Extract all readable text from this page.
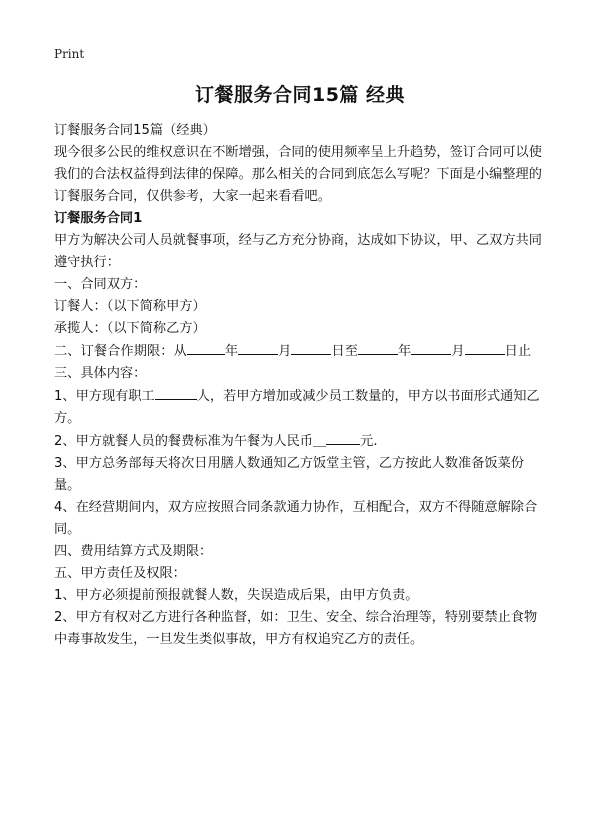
Print
订餐服务合同15篇 经典

订餐服务合同15篇（经典）

现今很多公民的维权意识在不断增强，合同的使用频率呈上升趋势，签订合同可以使我们的合法权益得到法律的保障。那么相关的合同到底怎么写呢？下面是小编整理的订餐服务合同，仅供参考，大家一起来看看吧。

订餐服务合同1

甲方为解决公司人员就餐事项，经与乙方充分协商，达成如下协议，甲、乙双方共同遵守执行：

一、合同双方：

订餐人：（以下简称甲方）

承揽人：（以下简称乙方）

二、订餐合作期限：从	年	月	日至	年	月	日止

三、具体内容：

1、甲方现有职工	人，若甲方增加或减少员工数量的，甲方以书面形式通知乙方。

2、甲方就餐人员的餐费标准为午餐为人民币＿	元.

3、甲方总务部每天将次日用膳人数通知乙方饭堂主管，乙方按此人数准备饭菜份量。

4、在经营期间内，双方应按照合同条款通力协作，互相配合，双方不得随意解除合同。

四、费用结算方式及期限：

五、甲方责任及权限：

1、甲方必须提前预报就餐人数，失误造成后果，由甲方负责。

2、甲方有权对乙方进行各种监督，如：卫生、安全、综合治理等，特别要禁止食物中毒事故发生，一旦发生类似事故，甲方有权追究乙方的责任。
